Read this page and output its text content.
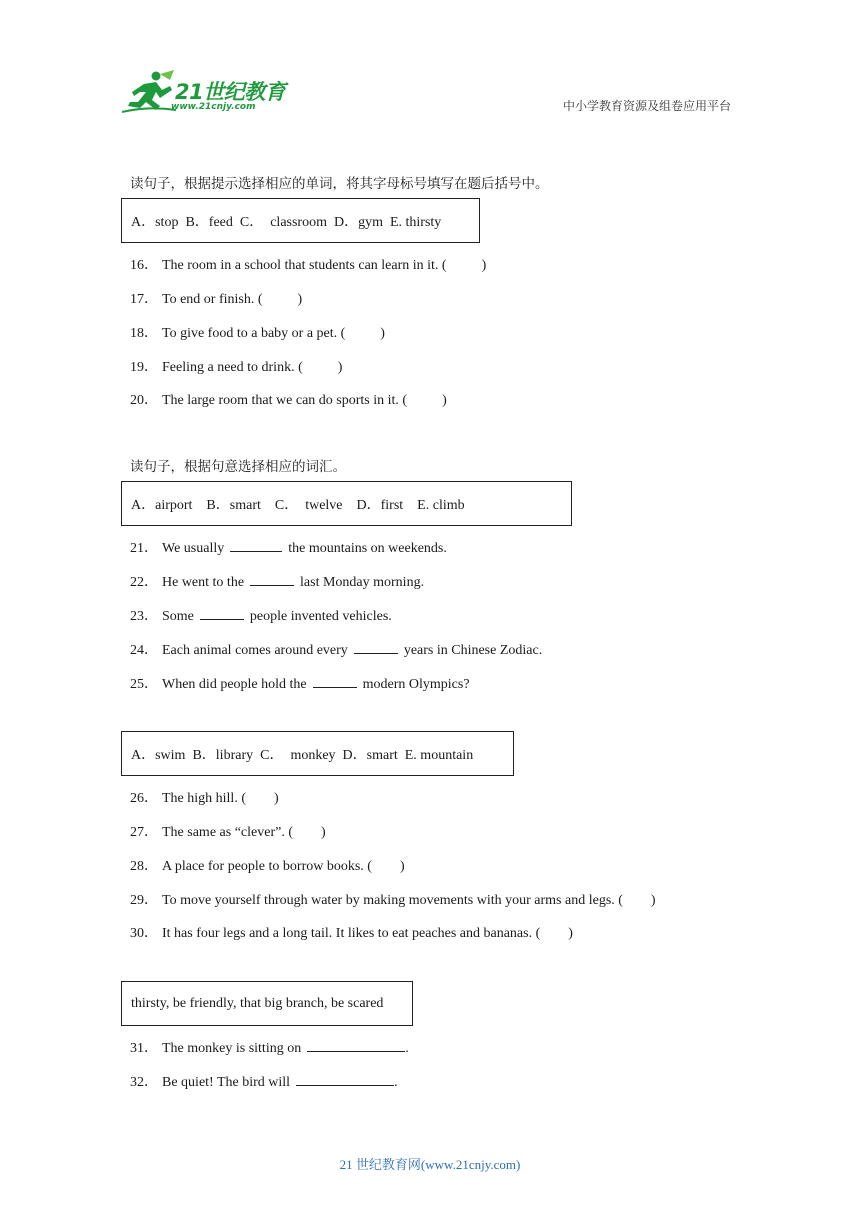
21世纪教育
www.21cnjy.com	中小学教育资源及组卷应用平台
读句子，根据提示选择相应的单词，将其字母标号填写在题后括号中。
A．stop  B．feed  C．  classroom  D．gym  E. thirsty
16． The room in a school that students can learn in it. (          )
17． To end or finish. (          )
18． To give food to a baby or a pet. (          )
19． Feeling a need to drink. (          )
20． The large room that we can do sports in it. (          )
读句子，根据句意选择相应的词汇。
A．airport    B．smart    C．  twelve    D．first    E. climb
21． We usually	the mountains on weekends.
22． He went to the	last Monday morning.
23． Some	people invented vehicles.
24． Each animal comes around every	years in Chinese Zodiac.
25． When did people hold the	modern Olympics?
A．swim  B．library  C．  monkey  D．smart  E. mountain
26． The high hill. (        )
27． The same as “clever”. (        )
28． A place for people to borrow books. (        )
29． To move yourself through water by making movements with your arms and legs. (        )
30． It has four legs and a long tail. It likes to eat peaches and bananas. (        )
thirsty, be friendly, that big branch, be scared
31． The monkey is sitting on	.
32． Be quiet! The bird will	.
21 世纪教育网(www.21cnjy.com)
